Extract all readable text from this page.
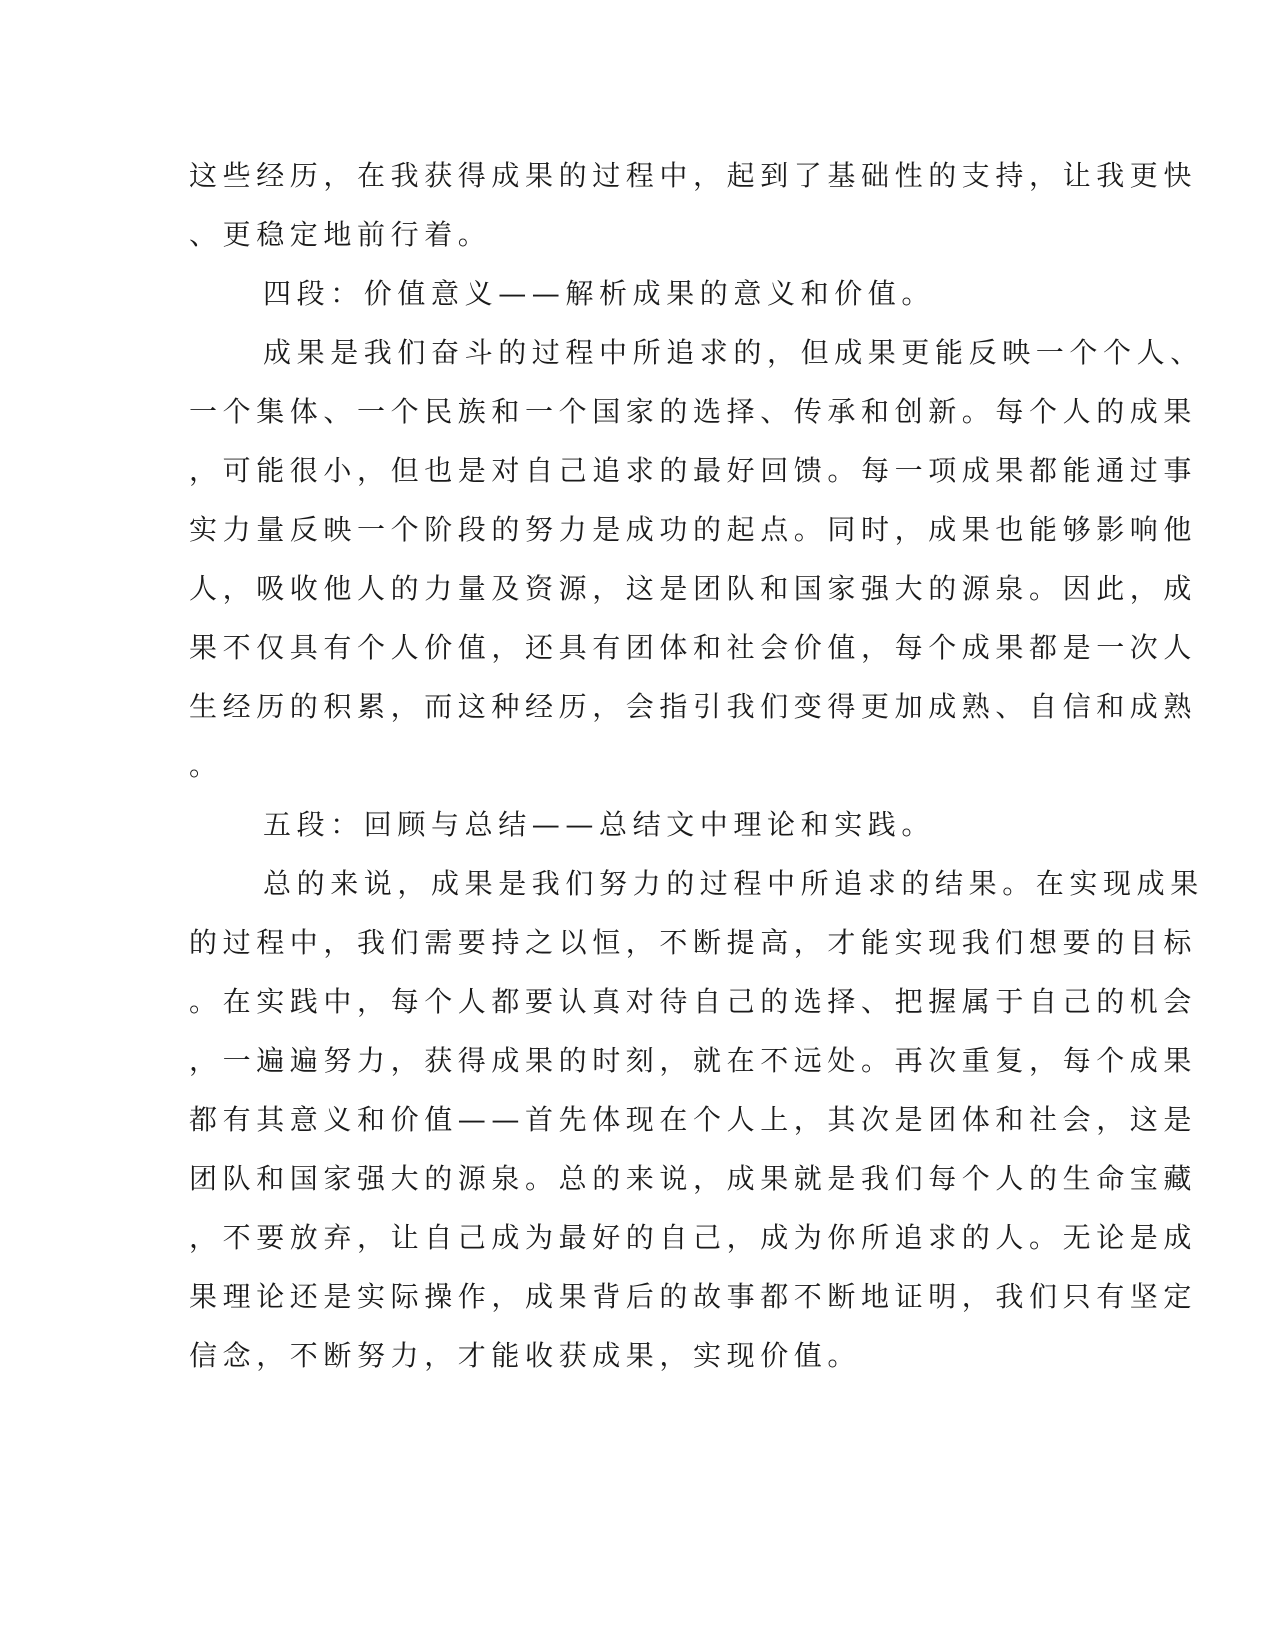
这些经历，在我获得成果的过程中，起到了基础性的支持，让我更快
、更稳定地前行着。
四段：价值意义——解析成果的意义和价值。
成果是我们奋斗的过程中所追求的，但成果更能反映一个个人、
一个集体、一个民族和一个国家的选择、传承和创新。每个人的成果
，可能很小，但也是对自己追求的最好回馈。每一项成果都能通过事
实力量反映一个阶段的努力是成功的起点。同时，成果也能够影响他
人，吸收他人的力量及资源，这是团队和国家强大的源泉。因此，成
果不仅具有个人价值，还具有团体和社会价值，每个成果都是一次人
生经历的积累，而这种经历，会指引我们变得更加成熟、自信和成熟
。
五段：回顾与总结——总结文中理论和实践。
总的来说，成果是我们努力的过程中所追求的结果。在实现成果
的过程中，我们需要持之以恒，不断提高，才能实现我们想要的目标
。在实践中，每个人都要认真对待自己的选择、把握属于自己的机会
，一遍遍努力，获得成果的时刻，就在不远处。再次重复，每个成果
都有其意义和价值——首先体现在个人上，其次是团体和社会，这是
团队和国家强大的源泉。总的来说，成果就是我们每个人的生命宝藏
，不要放弃，让自己成为最好的自己，成为你所追求的人。无论是成
果理论还是实际操作，成果背后的故事都不断地证明，我们只有坚定
信念，不断努力，才能收获成果，实现价值。
